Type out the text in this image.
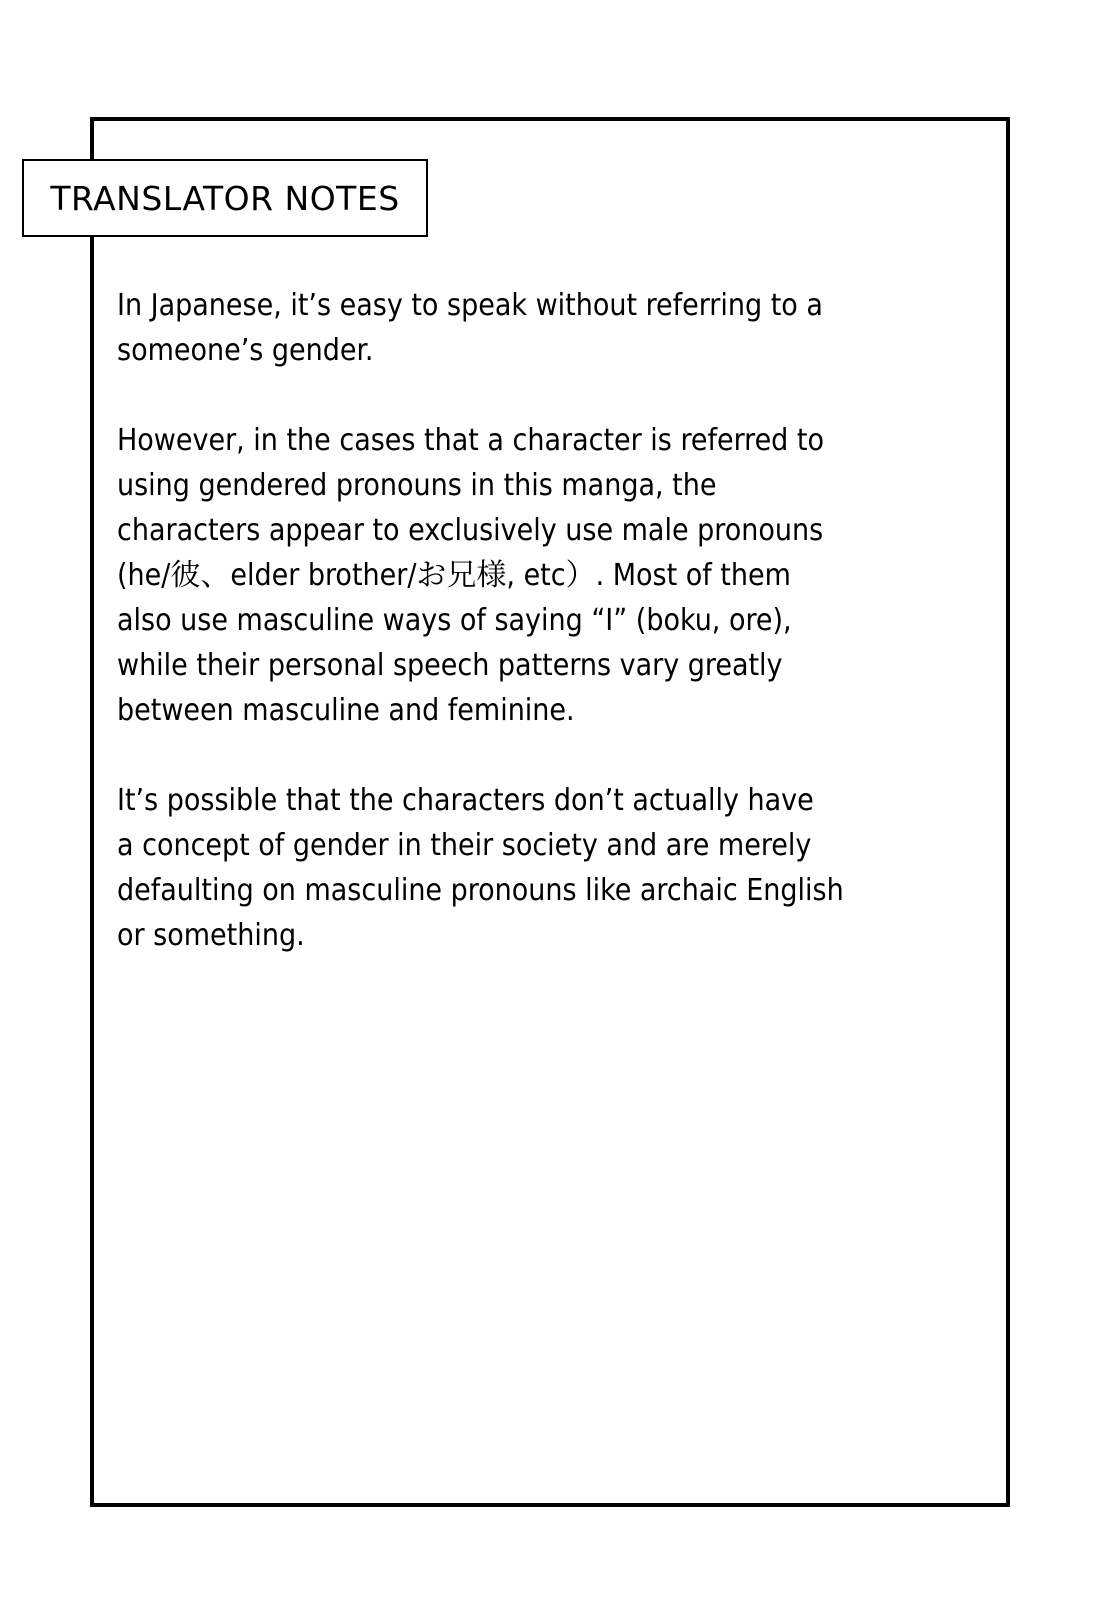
TRANSLATOR NOTES

In Japanese, it’s easy to speak without referring to a
someone’s gender.

However, in the cases that a character is referred to
using gendered pronouns in this manga, the
characters appear to exclusively use male pronouns
(he/彼、elder brother/お兄様, etc）. Most of them
also use masculine ways of saying “I” (boku, ore),
while their personal speech patterns vary greatly
between masculine and feminine.

It’s possible that the characters don’t actually have
a concept of gender in their society and are merely
defaulting on masculine pronouns like archaic English
or something.
